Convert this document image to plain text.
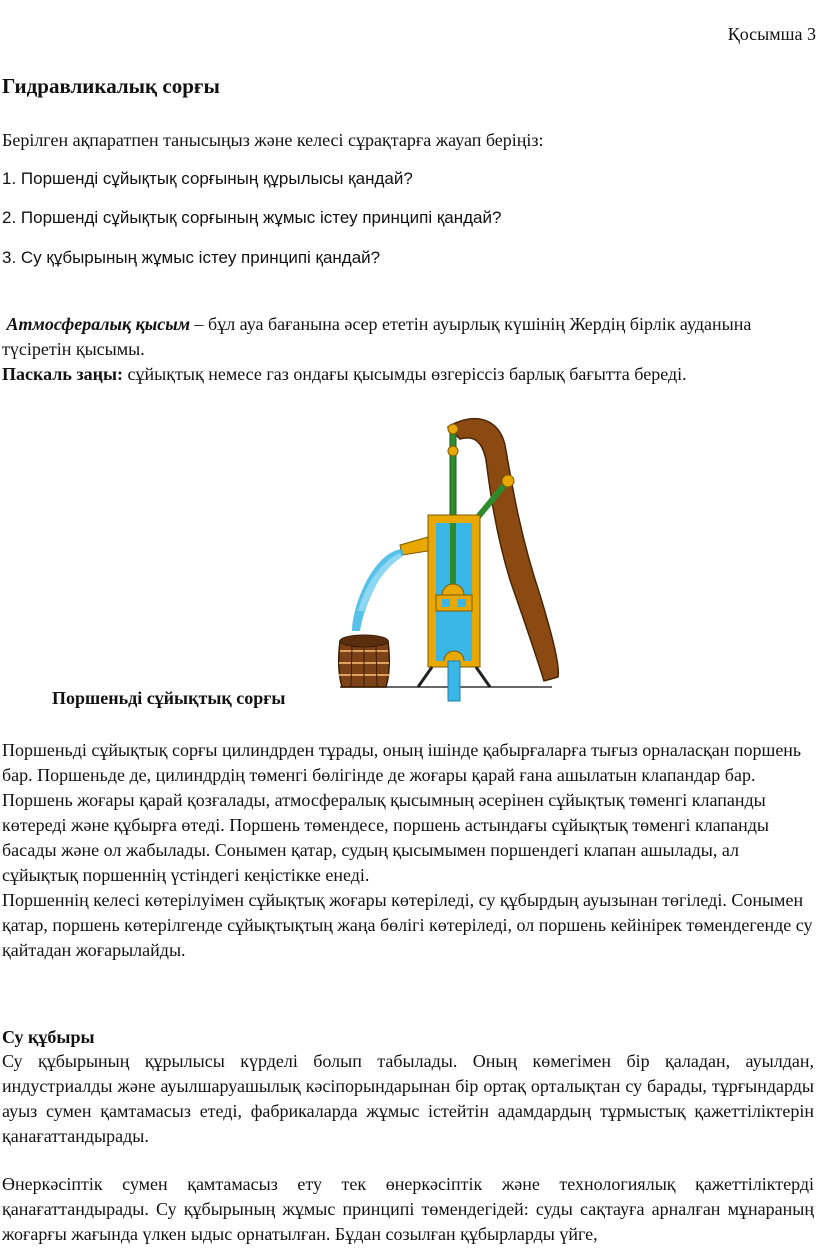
Қосымша 3
Гидравликалық сорғы

Берілген ақпаратпен танысыңыз және келесі сұрақтарға жауап беріңіз:

1. Поршенді сұйықтық сорғының құрылысы қандай?
2. Поршенді сұйықтық сорғының жұмыс істеу принципі қандай?
3. Су құбырының жұмыс істеу принципі қандай?
Атмосфералық қысым – бұл ауа бағанына әсер ететін ауырлық күшінің Жердің бірлік ауданына түсіретін қысымы.
Паскаль заңы: сұйықтық немесе газ ондағы қысымды өзгеріссіз барлық бағытта береді.
Поршеньді сұйықтық сорғы

Поршеньді сұйықтық сорғы цилиндрден тұрады, оның ішінде қабырғаларға тығыз орналасқан поршень бар. Поршеньде де, цилиндрдің төменгі бөлігінде де жоғары қарай ғана ашылатын клапандар бар. Поршень жоғары қарай қозғалады, атмосфералық қысымның әсерінен сұйықтық төменгі клапанды көтереді және құбырға өтеді. Поршень төмендесе, поршень астындағы сұйықтық төменгі клапанды басады және ол жабылады. Сонымен қатар, судың қысымымен поршендегі клапан ашылады, ал сұйықтық поршеннің үстіндегі кеңістікке енеді.

Поршеннің келесі көтерілуімен сұйықтық жоғары көтеріледі, су құбырдың ауызынан төгіледі. Сонымен қатар, поршень көтерілгенде сұйықтықтың жаңа бөлігі көтеріледі, ол поршень кейінірек төмендегенде су қайтадан жоғарылайды.

Су құбыры

Су құбырының құрылысы күрделі болып табылады. Оның көмегімен бір қаладан, ауылдан, индустриалды және ауылшаруашылық кәсіпорындарынан бір ортақ орталықтан су барады, тұрғындарды ауыз сумен қамтамасыз етеді, фабрикаларда жұмыс істейтін адамдардың тұрмыстық қажеттіліктерін қанағаттандырады.

Өнеркәсіптік сумен қамтамасыз ету тек өнеркәсіптік және технологиялық қажеттіліктерді қанағаттандырады. Су құбырының жұмыс принципі төмендегідей: суды сақтауға арналған мұнараның жоғарғы жағында үлкен ыдыс орнатылған. Бұдан созылған құбырларды үйге,
